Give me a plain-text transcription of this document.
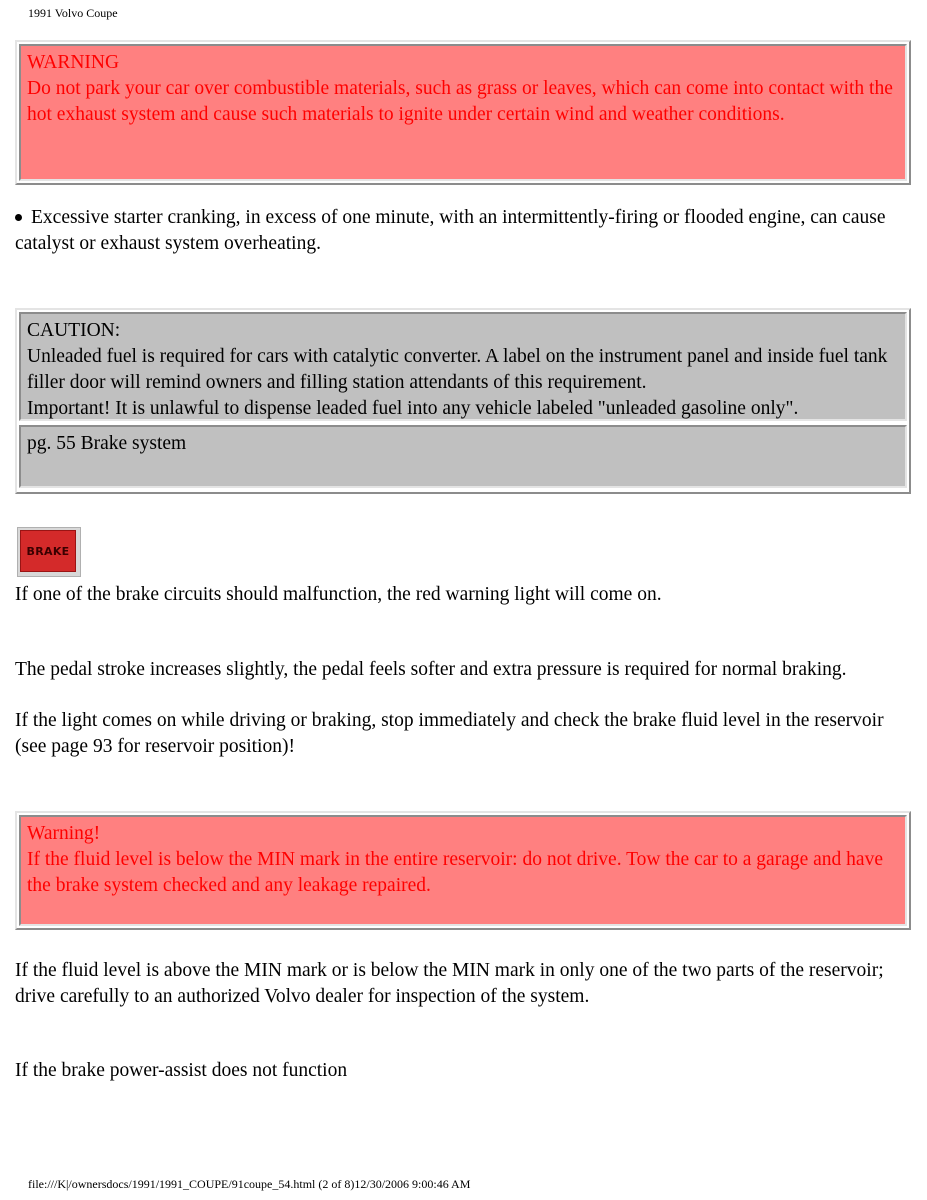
1991 Volvo Coupe

WARNING

Do not park your car over combustible materials, such as grass or leaves, which can come into contact with the hot exhaust system and cause such materials to ignite under certain wind and weather conditions.

Excessive starter cranking, in excess of one minute, with an intermittently-firing or flooded engine, can cause catalyst or exhaust system overheating.

CAUTION:

Unleaded fuel is required for cars with catalytic converter. A label on the instrument panel and inside fuel tank filler door will remind owners and filling station attendants of this requirement.

Important! It is unlawful to dispense leaded fuel into any vehicle labeled "unleaded gasoline only".

pg. 55 Brake system

BRAKE

If one of the brake circuits should malfunction, the red warning light will come on.

The pedal stroke increases slightly, the pedal feels softer and extra pressure is required for normal braking.

If the light comes on while driving or braking, stop immediately and check the brake fluid level in the reservoir (see page 93 for reservoir position)!

Warning!

If the fluid level is below the MIN mark in the entire reservoir: do not drive. Tow the car to a garage and have the brake system checked and any leakage repaired.

If the fluid level is above the MIN mark or is below the MIN mark in only one of the two parts of the reservoir; drive carefully to an authorized Volvo dealer for inspection of the system.

If the brake power-assist does not function

file:///K|/ownersdocs/1991/1991_COUPE/91coupe_54.html (2 of 8)12/30/2006 9:00:46 AM
